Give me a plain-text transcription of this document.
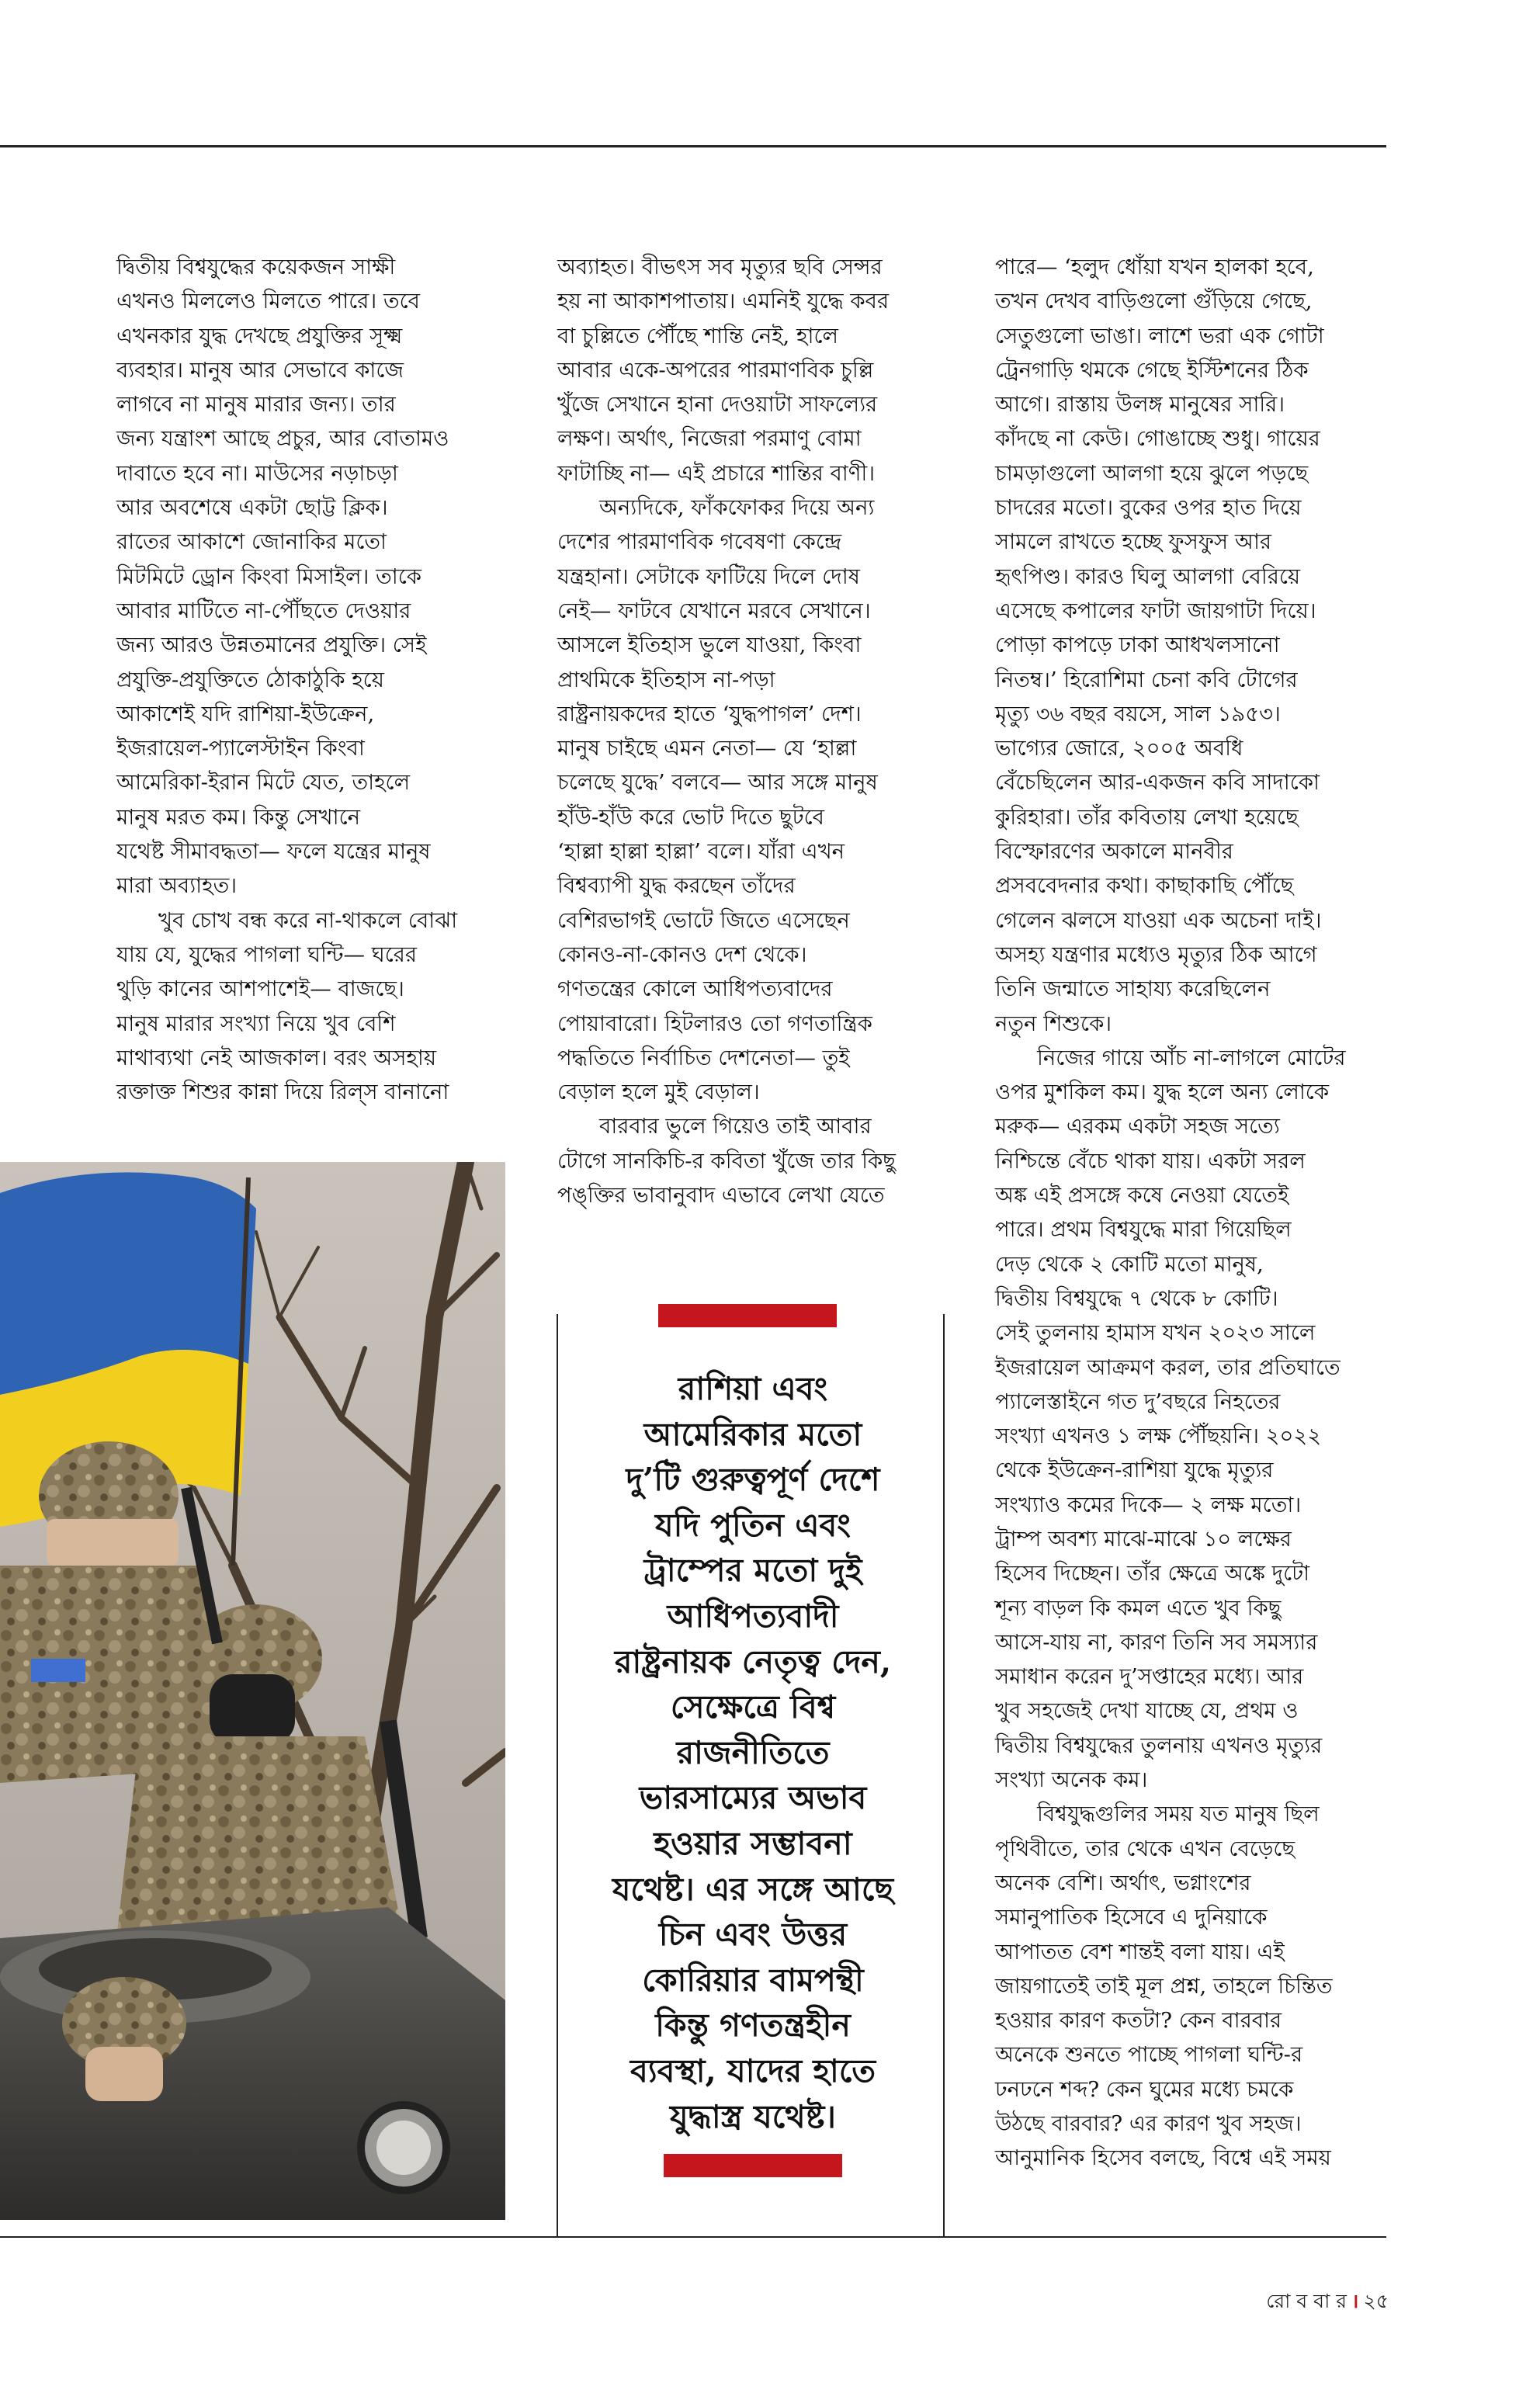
দ্বিতীয় বিশ্বযুদ্ধের কয়েকজন সাক্ষী
এখনও মিললেও মিলতে পারে। তবে
এখনকার যুদ্ধ দেখছে প্রযুক্তির সূক্ষ্ম
ব্যবহার। মানুষ আর সেভাবে কাজে
লাগবে না মানুষ মারার জন্য। তার
জন্য যন্ত্রাংশ আছে প্রচুর, আর বোতামও
দাবাতে হবে না। মাউসের নড়াচড়া
আর অবশেষে একটা ছোট্ট ক্লিক।
রাতের আকাশে জোনাকির মতো
মিটমিটে ড্রোন কিংবা মিসাইল। তাকে
আবার মাটিতে না-পৌঁছতে দেওয়ার
জন্য আরও উন্নতমানের প্রযুক্তি। সেই
প্রযুক্তি-প্রযুক্তিতে ঠোকাঠুকি হয়ে
আকাশেই যদি রাশিয়া-ইউক্রেন,
ইজরায়েল-প্যালেস্টাইন কিংবা
আমেরিকা-ইরান মিটে যেত, তাহলে
মানুষ মরত কম। কিন্তু সেখানে
যথেষ্ট সীমাবদ্ধতা— ফলে যন্ত্রের মানুষ
মারা অব্যাহত।

খুব চোখ বন্ধ করে না-থাকলে বোঝা
যায় যে, যুদ্ধের পাগলা ঘন্টি— ঘরের
থুড়ি কানের আশপাশেই— বাজছে।
মানুষ মারার সংখ্যা নিয়ে খুব বেশি
মাথাব্যথা নেই আজকাল। বরং অসহায়
রক্তাক্ত শিশুর কান্না দিয়ে রিল্‌স বানানো

অব্যাহত। বীভৎস সব মৃত্যুর ছবি সেন্সর
হয় না আকাশপাতায়। এমনিই যুদ্ধে কবর
বা চুল্লিতে পৌঁছে শান্তি নেই, হালে
আবার একে-অপরের পারমাণবিক চুল্লি
খুঁজে সেখানে হানা দেওয়াটা সাফল্যের
লক্ষণ। অর্থাৎ, নিজেরা পরমাণু বোমা
ফাটাচ্ছি না— এই প্রচারে শান্তির বাণী।

অন্যদিকে, ফাঁকফোকর দিয়ে অন্য
দেশের পারমাণবিক গবেষণা কেন্দ্রে
যন্ত্রহানা। সেটাকে ফাটিয়ে দিলে দোষ
নেই— ফাটবে যেখানে মরবে সেখানে।
আসলে ইতিহাস ভুলে যাওয়া, কিংবা
প্রাথমিকে ইতিহাস না-পড়া
রাষ্ট্রনায়কদের হাতে ‘যুদ্ধপাগল’ দেশ।
মানুষ চাইছে এমন নেতা— যে ‘হাল্লা
চলেছে যুদ্ধে’ বলবে— আর সঙ্গে মানুষ
হাঁউ-হাঁউ করে ভোট দিতে ছুটবে
‘হাল্লা হাল্লা হাল্লা’ বলে। যাঁরা এখন
বিশ্বব্যাপী যুদ্ধ করছেন তাঁদের
বেশিরভাগই ভোটে জিতে এসেছেন
কোনও-না-কোনও দেশ থেকে।
গণতন্ত্রের কোলে আধিপত্যবাদের
পোয়াবারো। হিটলারও তো গণতান্ত্রিক
পদ্ধতিতে নির্বাচিত দেশনেতা— তুই
বেড়াল হলে মুই বেড়াল।

বারবার ভুলে গিয়েও তাই আবার
টোগে সানকিচি-র কবিতা খুঁজে তার কিছু
পঙ্‌ক্তির ভাবানুবাদ এভাবে লেখা যেতে

পারে— ‘হলুদ ধোঁয়া যখন হালকা হবে,
তখন দেখব বাড়িগুলো গুঁড়িয়ে গেছে,
সেতুগুলো ভাঙা। লাশে ভরা এক গোটা
ট্রেনগাড়ি থমকে গেছে ইস্টিশনের ঠিক
আগে। রাস্তায় উলঙ্গ মানুষের সারি।
কাঁদছে না কেউ। গোঙাচ্ছে শুধু। গায়ের
চামড়াগুলো আলগা হয়ে ঝুলে পড়ছে
চাদরের মতো। বুকের ওপর হাত দিয়ে
সামলে রাখতে হচ্ছে ফুসফুস আর
হৃৎপিণ্ড। কারও ঘিলু আলগা বেরিয়ে
এসেছে কপালের ফাটা জায়গাটা দিয়ে।
পোড়া কাপড়ে ঢাকা আধখলসানো
নিতম্ব।’ হিরোশিমা চেনা কবি টোগের
মৃত্যু ৩৬ বছর বয়সে, সাল ১৯৫৩।
ভাগ্যের জোরে, ২০০৫ অবধি
বেঁচেছিলেন আর-একজন কবি সাদাকো
কুরিহারা। তাঁর কবিতায় লেখা হয়েছে
বিস্ফোরণের অকালে মানবীর
প্রসববেদনার কথা। কাছাকাছি পৌঁছে
গেলেন ঝলসে যাওয়া এক অচেনা দাই।
অসহ্য যন্ত্রণার মধ্যেও মৃত্যুর ঠিক আগে
তিনি জন্মাতে সাহায্য করেছিলেন
নতুন শিশুকে।

নিজের গায়ে আঁচ না-লাগলে মোটের
ওপর মুশকিল কম। যুদ্ধ হলে অন্য লোকে
মরুক— এরকম একটা সহজ সত্যে
নিশ্চিন্তে বেঁচে থাকা যায়। একটা সরল
অঙ্ক এই প্রসঙ্গে কষে নেওয়া যেতেই
পারে। প্রথম বিশ্বযুদ্ধে মারা গিয়েছিল
দেড় থেকে ২ কোটি মতো মানুষ,
দ্বিতীয় বিশ্বযুদ্ধে ৭ থেকে ৮ কোটি।
সেই তুলনায় হামাস যখন ২০২৩ সালে
ইজরায়েল আক্রমণ করল, তার প্রতিঘাতে
প্যালেস্তাইনে গত দু’বছরে নিহতের
সংখ্যা এখনও ১ লক্ষ পৌঁছয়নি। ২০২২
থেকে ইউক্রেন-রাশিয়া যুদ্ধে মৃত্যুর
সংখ্যাও কমের দিকে— ২ লক্ষ মতো।
ট্রাম্প অবশ্য মাঝে-মাঝে ১০ লক্ষের
হিসেব দিচ্ছেন। তাঁর ক্ষেত্রে অঙ্কে দুটো
শূন্য বাড়ল কি কমল এতে খুব কিছু
আসে-যায় না, কারণ তিনি সব সমস্যার
সমাধান করেন দু’সপ্তাহের মধ্যে। আর
খুব সহজেই দেখা যাচ্ছে যে, প্রথম ও
দ্বিতীয় বিশ্বযুদ্ধের তুলনায় এখনও মৃত্যুর
সংখ্যা অনেক কম।

বিশ্বযুদ্ধগুলির সময় যত মানুষ ছিল
পৃথিবীতে, তার থেকে এখন বেড়েছে
অনেক বেশি। অর্থাৎ, ভগ্নাংশের
সমানুপাতিক হিসেবে এ দুনিয়াকে
আপাতত বেশ শান্তই বলা যায়। এই
জায়গাতেই তাই মূল প্রশ্ন, তাহলে চিন্তিত
হওয়ার কারণ কতটা? কেন বারবার
অনেকে শুনতে পাচ্ছে পাগলা ঘন্টি-র
ঢনঢনে শব্দ? কেন ঘুমের মধ্যে চমকে
উঠছে বারবার? এর কারণ খুব সহজ।
আনুমানিক হিসেব বলছে, বিশ্বে এই সময়

রাশিয়া এবং
আমেরিকার মতো
দু’টি গুরুত্বপূর্ণ দেশে
যদি পুতিন এবং
ট্রাম্পের মতো দুই
আধিপত্যবাদী
রাষ্ট্রনায়ক নেতৃত্ব দেন,
সেক্ষেত্রে বিশ্ব
রাজনীতিতে
ভারসাম্যের অভাব
হওয়ার সম্ভাবনা
যথেষ্ট। এর সঙ্গে আছে
চিন এবং উত্তর
কোরিয়ার বামপন্থী
কিন্তু গণতন্ত্রহীন
ব্যবস্থা, যাদের হাতে
যুদ্ধাস্ত্র যথেষ্ট।
রো ব বা র । ২৫
